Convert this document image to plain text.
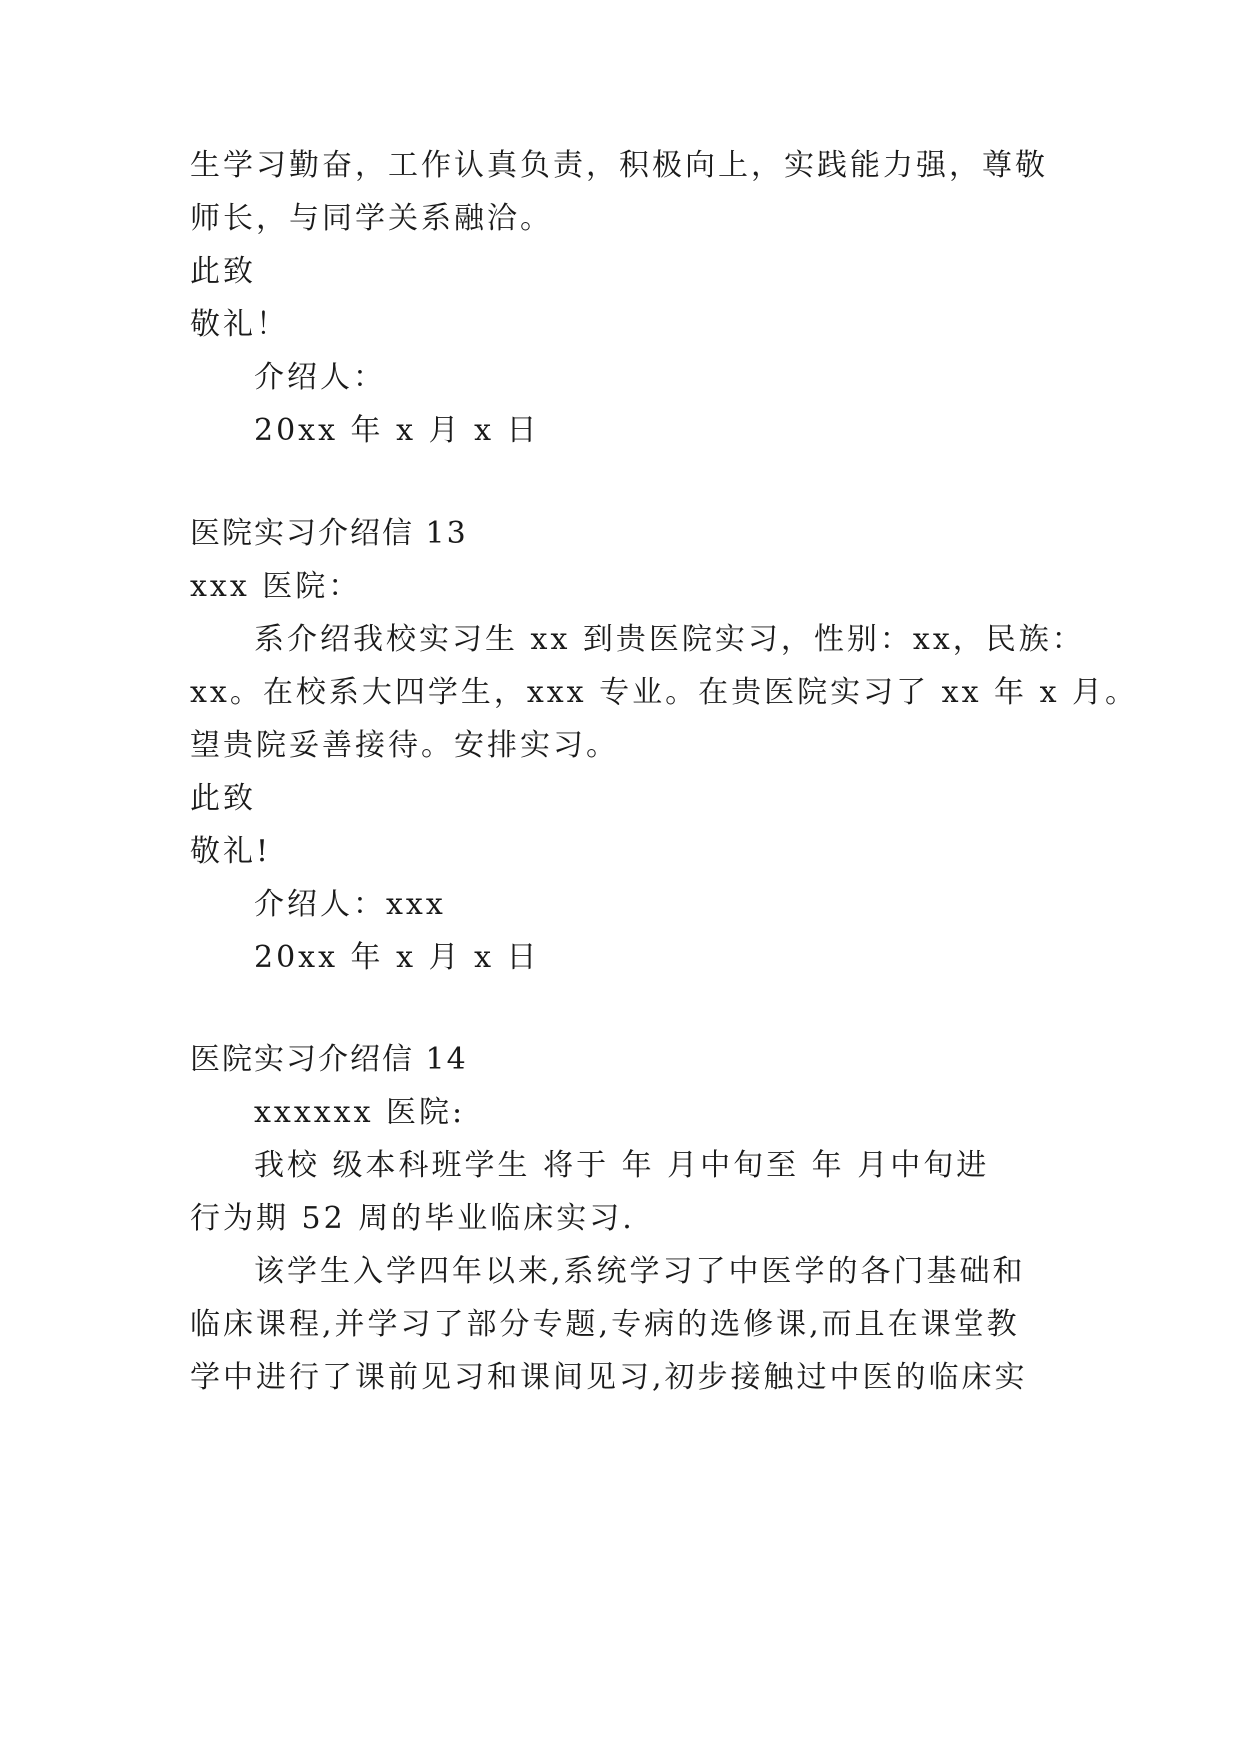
生学习勤奋，工作认真负责，积极向上，实践能力强，尊敬
师长，与同学关系融洽。
此致
敬礼！
介绍人：
20xx 年 x 月 x 日
医院实习介绍信 13
xxx 医院：
系介绍我校实习生 xx 到贵医院实习，性别：xx，民族：
xx。在校系大四学生，xxx 专业。在贵医院实习了 xx 年 x 月。
望贵院妥善接待。安排实习。
此致
敬礼!
介绍人：xxx
20xx 年 x 月 x 日
医院实习介绍信 14
xxxxxx 医院:
我校 级本科班学生 将于 年 月中旬至 年 月中旬进
行为期 52 周的毕业临床实习.
该学生入学四年以来,系统学习了中医学的各门基础和
临床课程,并学习了部分专题,专病的选修课,而且在课堂教
学中进行了课前见习和课间见习,初步接触过中医的临床实
